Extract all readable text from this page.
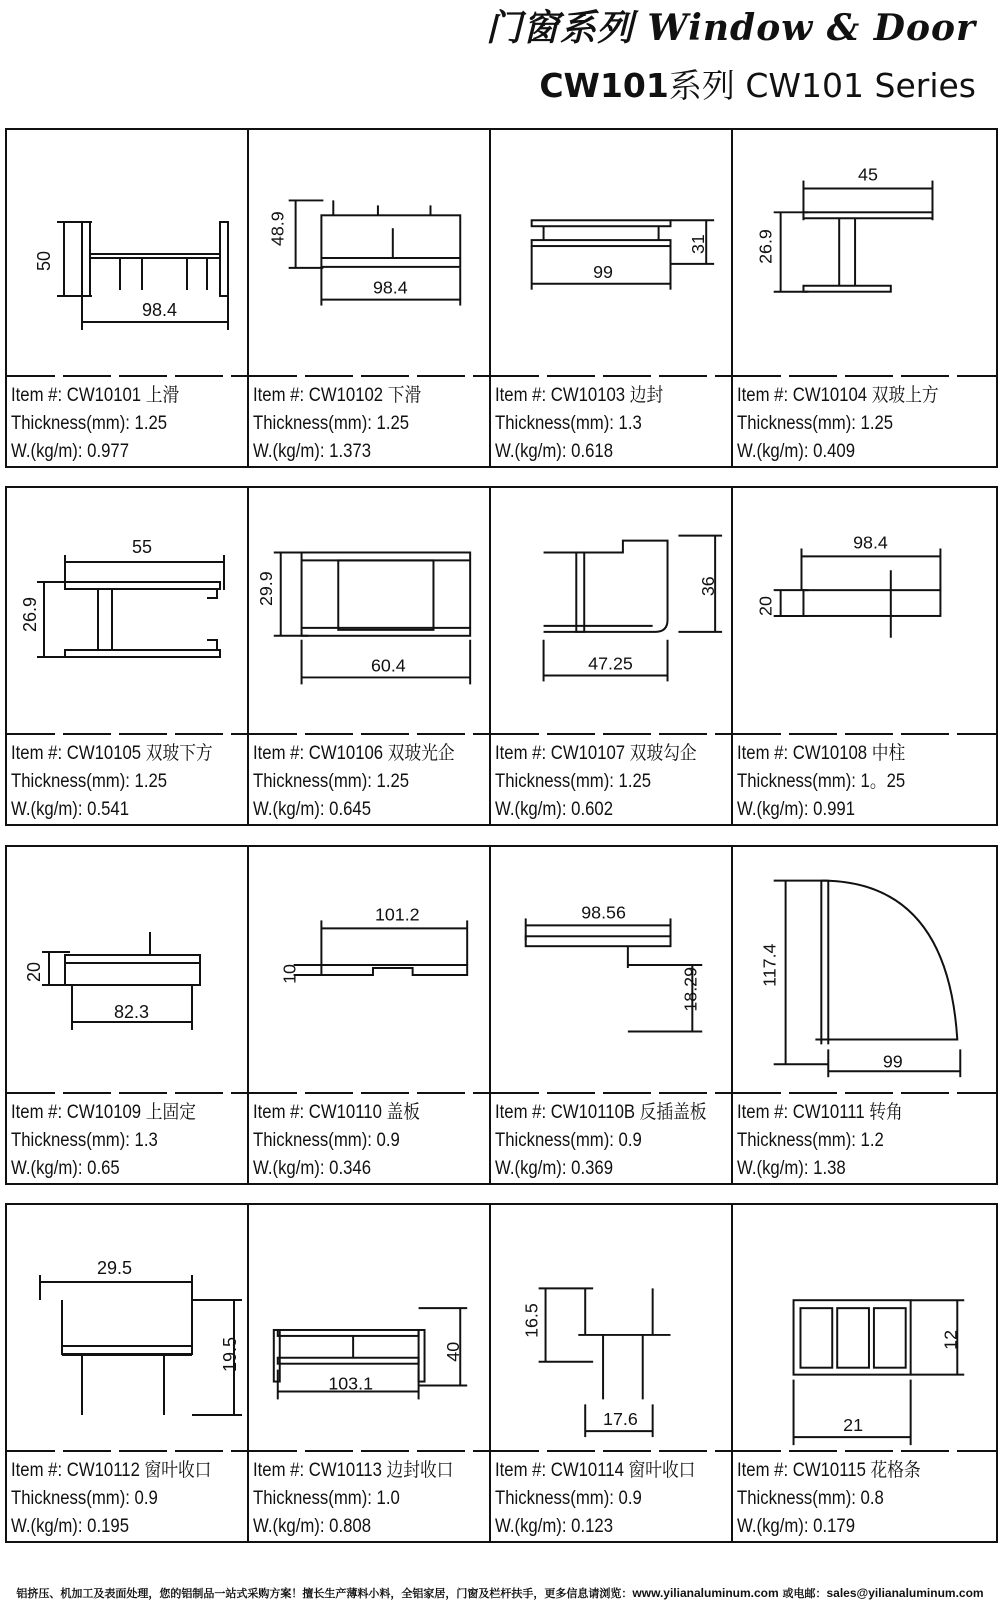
门窗系列 Window & Door
CW101系列 CW101 Series
50
98.4
Item #: CW10101 上滑
Thickness(mm): 1.25
W.(kg/m): 0.977
48.9
98.4
Item #: CW10102 下滑
Thickness(mm): 1.25
W.(kg/m): 1.373
99
31
Item #: CW10103 边封
Thickness(mm): 1.3
W.(kg/m): 0.618
45
26.9
Item #: CW10104 双玻上方
Thickness(mm): 1.25
W.(kg/m): 0.409
55
26.9
Item #: CW10105 双玻下方
Thickness(mm): 1.25
W.(kg/m): 0.541
29.9
60.4
Item #: CW10106 双玻光企
Thickness(mm): 1.25
W.(kg/m): 0.645
36
47.25
Item #: CW10107 双玻勾企
Thickness(mm): 1.25
W.(kg/m): 0.602
98.4
20
Item #: CW10108 中柱
Thickness(mm): 1。25
W.(kg/m): 0.991
20
82.3
Item #: CW10109 上固定
Thickness(mm): 1.3
W.(kg/m): 0.65
101.2
10
Item #: CW10110 盖板
Thickness(mm): 0.9
W.(kg/m): 0.346
98.56
18.29
Item #: CW10110B 反插盖板
Thickness(mm): 0.9
W.(kg/m): 0.369
117.4
99
Item #: CW10111 转角
Thickness(mm): 1.2
W.(kg/m): 1.38
29.5
19.5
Item #: CW10112 窗叶收口
Thickness(mm): 0.9
W.(kg/m): 0.195
103.1
40
Item #: CW10113 边封收口
Thickness(mm): 1.0
W.(kg/m): 0.808
16.5
17.6
Item #: CW10114 窗叶收口
Thickness(mm): 0.9
W.(kg/m): 0.123
12
21
Item #: CW10115 花格条
Thickness(mm): 0.8
W.(kg/m): 0.179
铝挤压、机加工及表面处理，您的铝制品一站式采购方案！擅长生产薄料小料，全铝家居，门窗及栏杆扶手，更多信息请浏览：www.yilianaluminum.com 或电邮：sales@yilianaluminum.com
